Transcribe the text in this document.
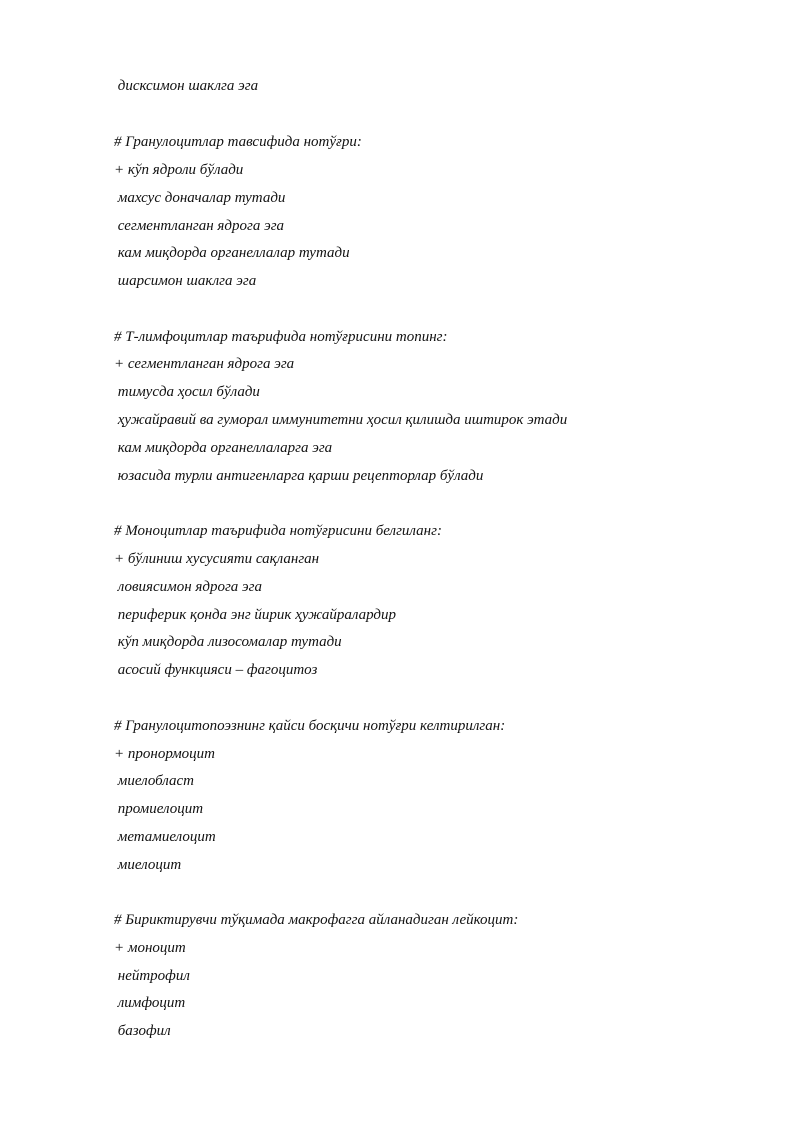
дисксимон шаклга эга
# Гранулоцитлар тавсифида нотўғри:
+ кўп ядроли бўлади
махсус доначалар тутади
сегментланган ядрога эга
кам миқдорда органеллалар тутади
шарсимон шаклга эга
# Т-лимфоцитлар таърифида нотўғрисини топинг:
+ сегментланган ядрога эга
тимусда ҳосил бўлади
ҳужайравий ва гуморал иммунитетни ҳосил қилишда иштирок этади
кам миқдорда органеллаларга эга
юзасида турли антигенларга қарши рецепторлар бўлади
# Моноцитлар таърифида нотўғрисини белгиланг:
+ бўлиниш хусусияти сақланган
ловиясимон ядрога эга
периферик қонда энг йирик ҳужайралардир
кўп миқдорда лизосомалар тутади
асосий функцияси – фагоцитоз
# Гранулоцитопоэзнинг қайси босқичи нотўғри келтирилган:
+ пронормоцит
миелобласт
промиелоцит
метамиелоцит
миелоцит
# Бириктирувчи тўқимада макрофагга айланадиган лейкоцит:
+ моноцит
нейтрофил
лимфоцит
базофил
